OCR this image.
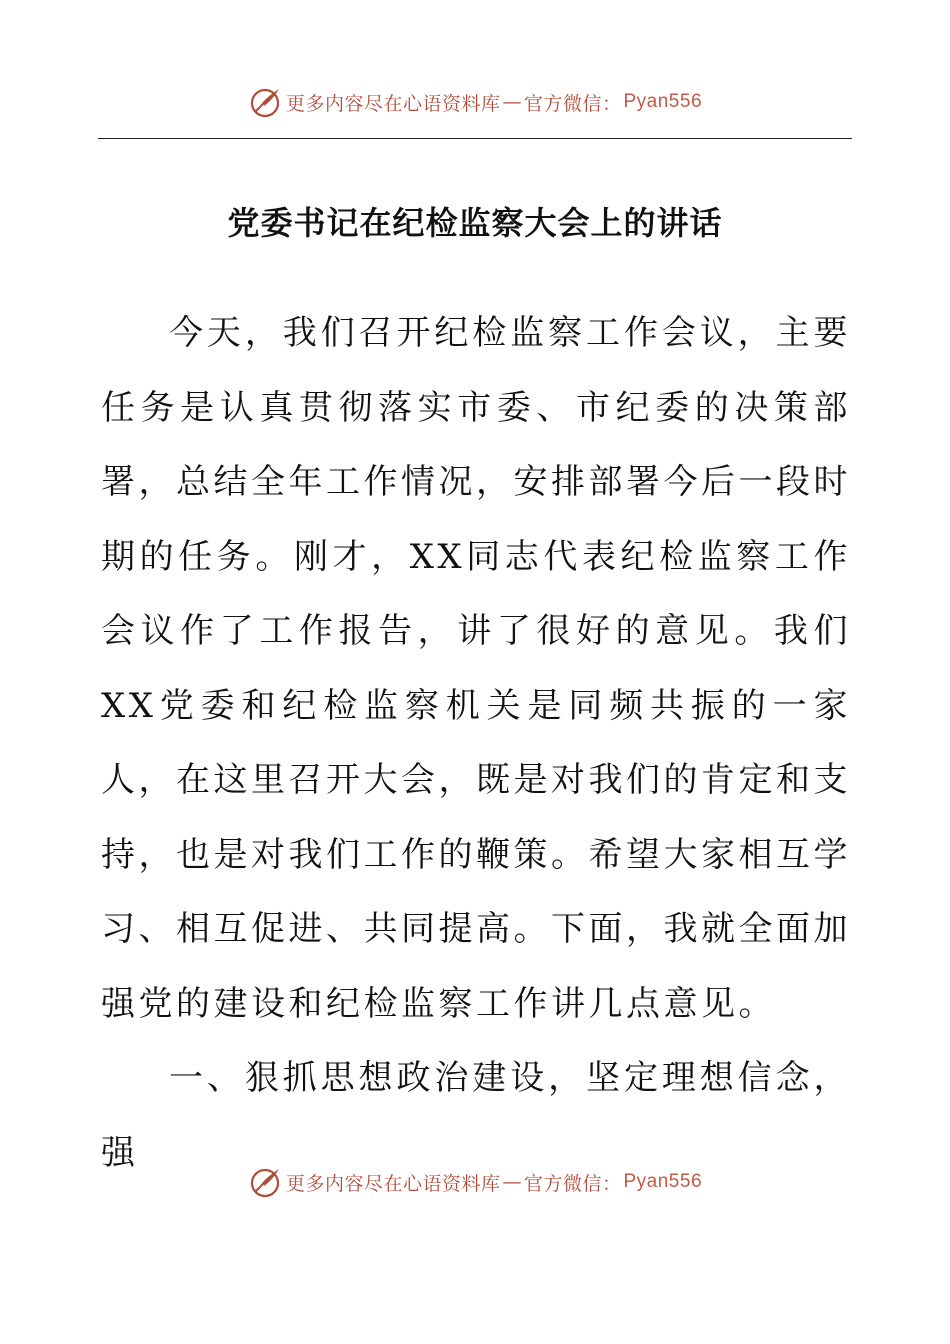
更多内容尽在心语资料库 — 官方微信： Pyan556
党委书记在纪检监察大会上的讲话

今天，我们召开纪检监察工作会议，主要任务是认真贯彻落实市委、市纪委的决策部署，总结全年工作情况，安排部署今后一段时期的任务。刚才，XX同志代表纪检监察工作会议作了工作报告，讲了很好的意见。我们XX党委和纪检监察机关是同频共振的一家人，在这里召开大会，既是对我们的肯定和支持，也是对我们工作的鞭策。希望大家相互学习、相互促进、共同提高。下面，我就全面加强党的建设和纪检监察工作讲几点意见。

一、狠抓思想政治建设，坚定理想信念，强

更多内容尽在心语资料库 — 官方微信： Pyan556
